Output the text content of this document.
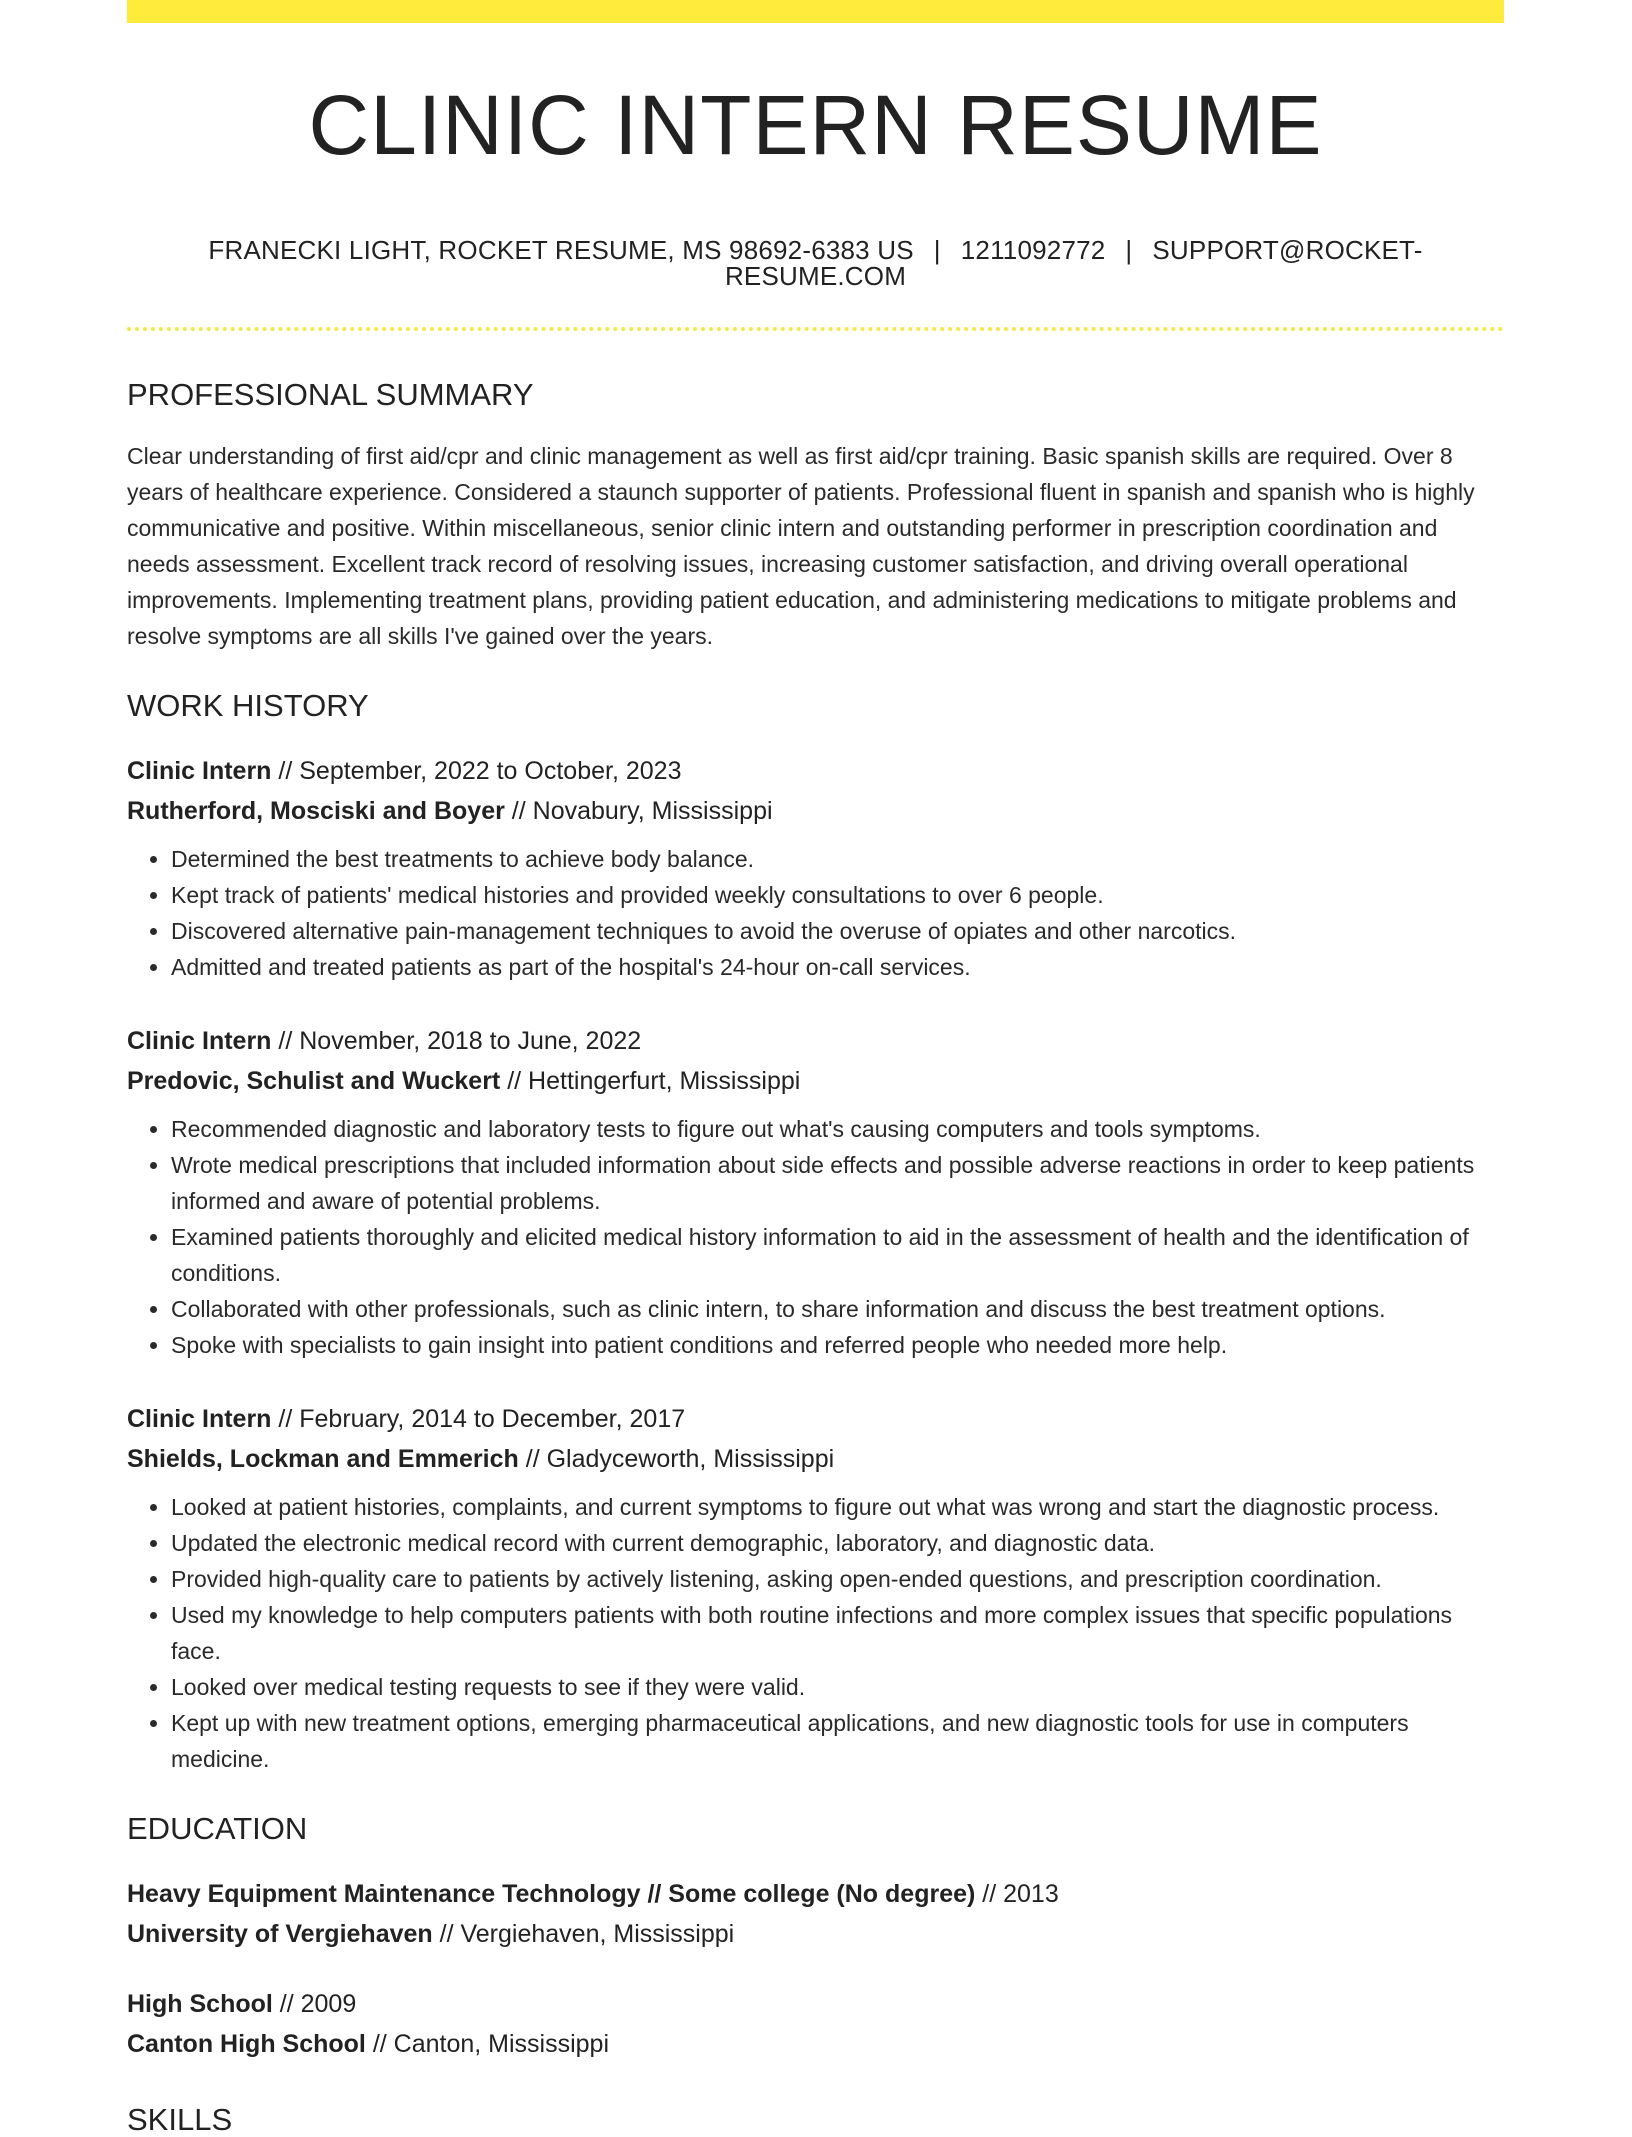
CLINIC INTERN RESUME
FRANECKI LIGHT, ROCKET RESUME, MS 98692-6383 US | 1211092772 | SUPPORT@ROCKET-RESUME.COM
PROFESSIONAL SUMMARY

Clear understanding of first aid/cpr and clinic management as well as first aid/cpr training. Basic spanish skills are required. Over 8 years of healthcare experience. Considered a staunch supporter of patients. Professional fluent in spanish and spanish who is highly communicative and positive. Within miscellaneous, senior clinic intern and outstanding performer in prescription coordination and needs assessment. Excellent track record of resolving issues, increasing customer satisfaction, and driving overall operational improvements. Implementing treatment plans, providing patient education, and administering medications to mitigate problems and resolve symptoms are all skills I've gained over the years.

WORK HISTORY
Clinic Intern // September, 2022 to October, 2023
Rutherford, Mosciski and Boyer // Novabury, Mississippi
• Determined the best treatments to achieve body balance.
• Kept track of patients' medical histories and provided weekly consultations to over 6 people.
• Discovered alternative pain-management techniques to avoid the overuse of opiates and other narcotics.
• Admitted and treated patients as part of the hospital's 24-hour on-call services.
Clinic Intern // November, 2018 to June, 2022
Predovic, Schulist and Wuckert // Hettingerfurt, Mississippi
• Recommended diagnostic and laboratory tests to figure out what's causing computers and tools symptoms.
• Wrote medical prescriptions that included information about side effects and possible adverse reactions in order to keep patients informed and aware of potential problems.
• Examined patients thoroughly and elicited medical history information to aid in the assessment of health and the identification of conditions.
• Collaborated with other professionals, such as clinic intern, to share information and discuss the best treatment options.
• Spoke with specialists to gain insight into patient conditions and referred people who needed more help.
Clinic Intern // February, 2014 to December, 2017
Shields, Lockman and Emmerich // Gladyceworth, Mississippi
• Looked at patient histories, complaints, and current symptoms to figure out what was wrong and start the diagnostic process.
• Updated the electronic medical record with current demographic, laboratory, and diagnostic data.
• Provided high-quality care to patients by actively listening, asking open-ended questions, and prescription coordination.
• Used my knowledge to help computers patients with both routine infections and more complex issues that specific populations face.
• Looked over medical testing requests to see if they were valid.
• Kept up with new treatment options, emerging pharmaceutical applications, and new diagnostic tools for use in computers medicine.
EDUCATION
Heavy Equipment Maintenance Technology // Some college (No degree) // 2013
University of Vergiehaven // Vergiehaven, Mississippi
High School // 2009
Canton High School // Canton, Mississippi
SKILLS
